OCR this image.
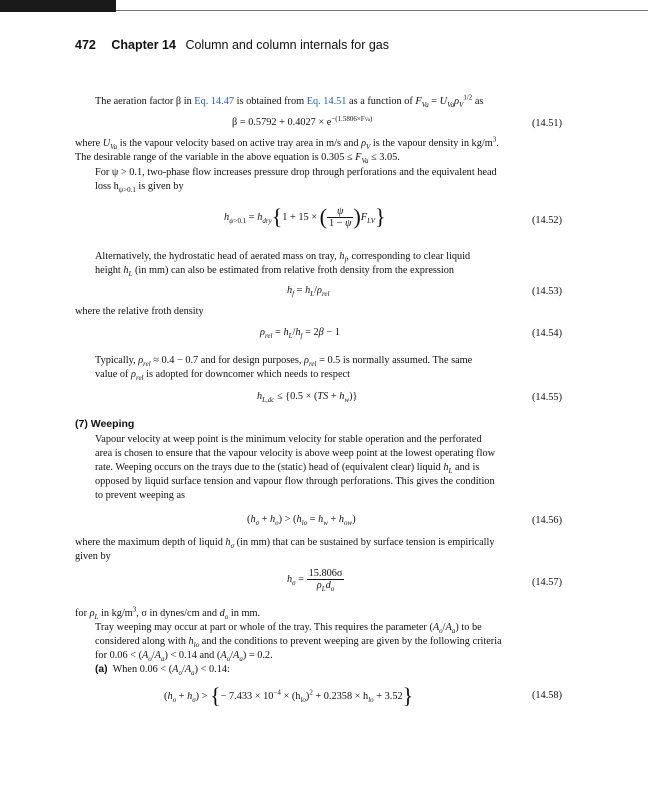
472 Chapter 14 Column and column internals for gas
The aeration factor β in Eq. 14.47 is obtained from Eq. 14.51 as a function of $F_{Va} = U_{Va}\rho_V^{1/2}$ as
$\beta = 0.5792 + 0.4027 \times e^{-(1.5806\times FVa)}$	(14.51)
where $U_{Va}$ is the vapour velocity based on active tray area in m/s and $\rho_V$ is the vapour density in $kg/m^3$.
The desirable range of the variable in the above equation is $0.305 \le F_{Va} \le 3.05$.
For ψ > 0.1, two-phase flow increases pressure drop through perforations and the equivalent head
loss $h_{\psi>0.1}$ is given by
$h_{\psi>0.1} = h_{dry}\{1 + 15$ × ( $\frac{\psi}{1 - \psi} )F_{LV}$}	(14.52)
Alternatively, the hydrostatic head of aerated mass on tray, $h_f$, corresponding to clear liquid
height $h_L$ (in mm) can also be estimated from relative froth density from the expression
$h_f = h_L/\rho_{rel}$	(14.53)
where the relative froth density
$\rho_{rel} = h_L/h_f = 2\beta - 1$	(14.54)
Typically, $\rho_{rel} \approx 0.4 - 0.7$ and for design purposes, $\rho_{rel} = 0.5$ is normally assumed. The same
value of $\rho_{rel}$ is adopted for downcomer which needs to respect
$h_{L,dc} \le \{0.5 \times (TS + h_w)\}$	(14.55)
(7) Weeping
Vapour velocity at weep point is the minimum velocity for stable operation and the perforated
area is chosen to ensure that the vapour velocity is above weep point at the lowest operating flow
rate. Weeping occurs on the trays due to the (static) head of (equivalent clear) liquid $h_L$ and is
opposed by liquid surface tension and vapour flow through perforations. This gives the condition
to prevent weeping as
$(h_\sigma + h_o) > (h_{lo} = h_w + h_{ow})$	(14.56)
where the maximum depth of liquid $h_\sigma$ (in mm) that can be sustained by surface tension is empirically
given by
$h_\sigma = \frac{15.806\sigma}{\rho_Ld_o}$	(14.57)
for $\rho_L$ in $kg/m^3$, σ in dynes/cm and $d_o$ in mm.
Tray weeping may occur at part or whole of the tray. This requires the parameter $(A_o/A_a)$ to be
considered along with $h_{lo}$ and the conditions to prevent weeping are given by the following criteria
for $0.06 < (A_o/A_a) < 0.14$ and $(A_o/A_a) = 0.2$.
(a) When $0.06 < (A_o/A_a) < 0.14$:
$(h_o + h_\sigma)$ > {− $7.433 \times 10^{-4} \times (h_{lo})^2 + 0.2358 \times h_{lo} + 3.52$}	(14.58)
